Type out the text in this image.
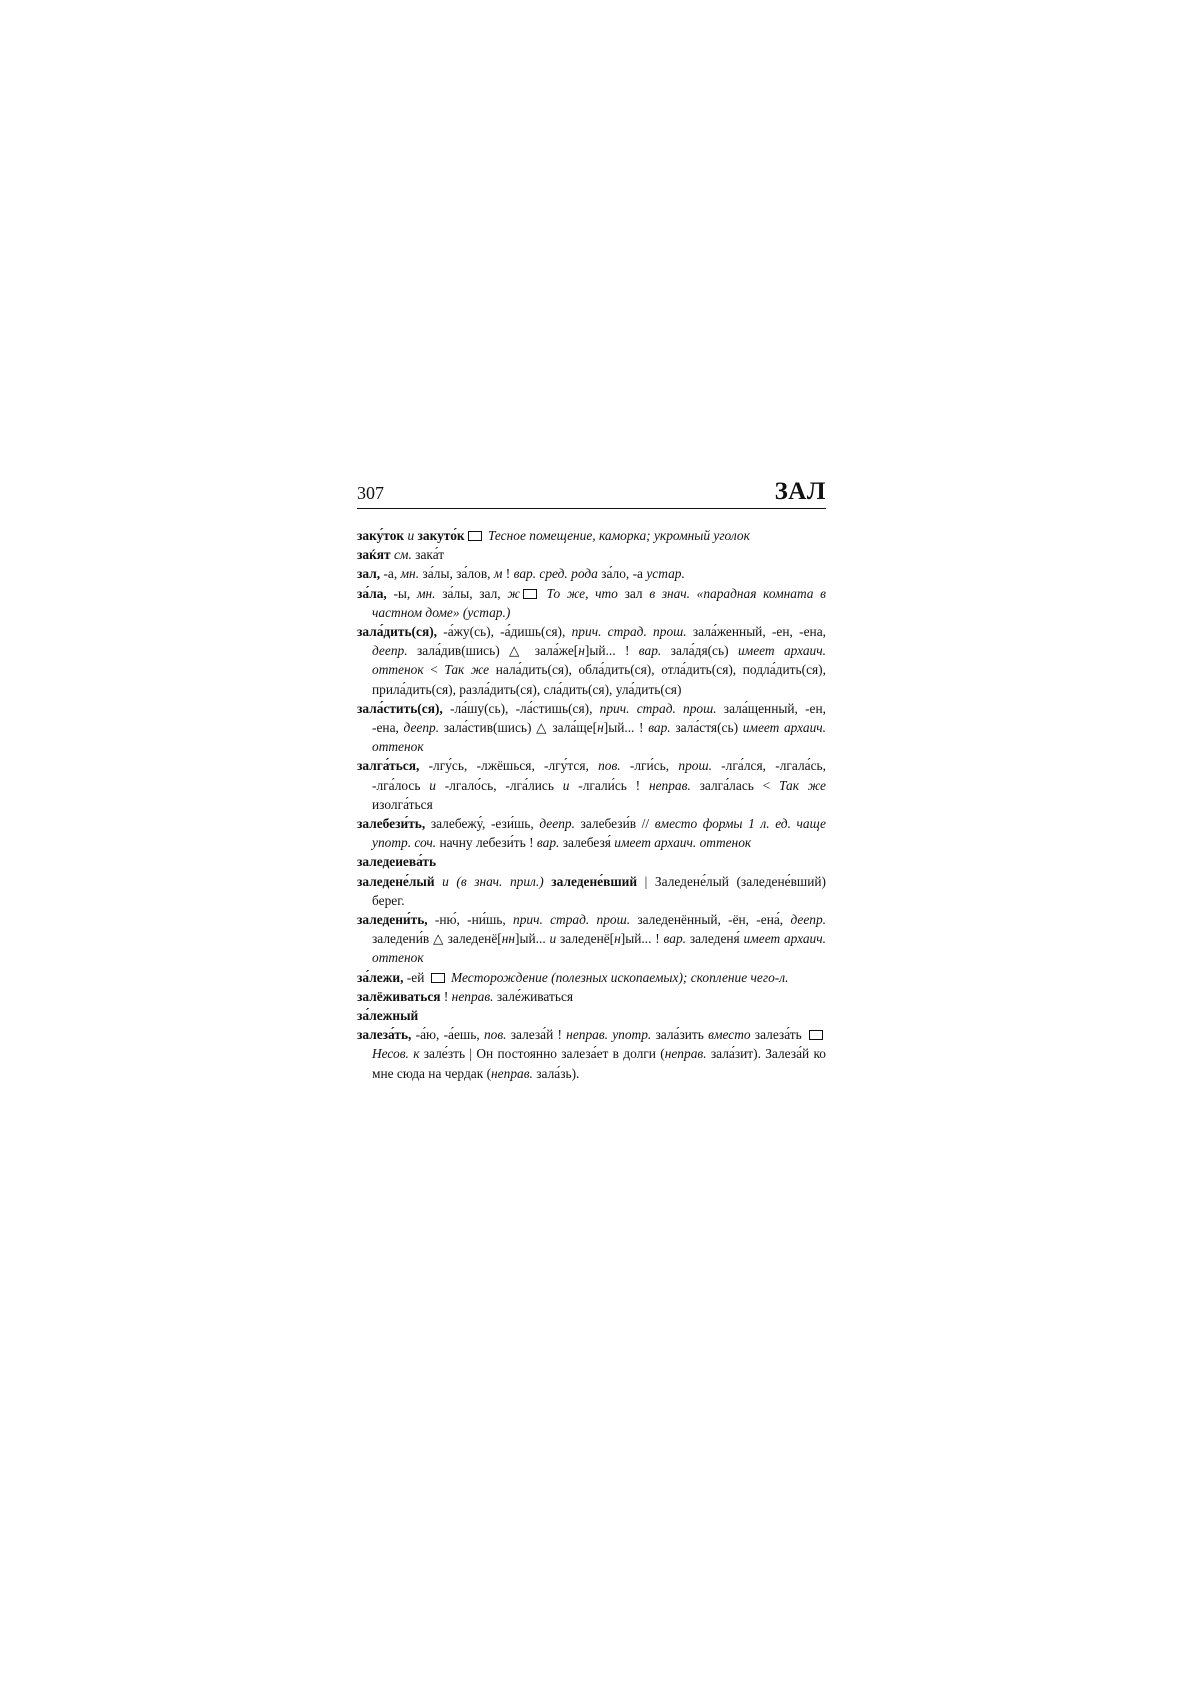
307	ЗАЛ

заку́ток и закуто́к Тесное помещение, каморка; укромный уголок

заќят см. зака́т

зал, -а, мн. за́лы, за́лов, м ! вар. сред. рода за́ло, -а устар.

за́ла, -ы, мн. за́лы, зал, ж То же, что зал в знач. «парадная комната в частном доме» (устар.)

зала́дить(ся), -а́жу(сь), -а́дишь(ся), прич. страд. прош. зала́женный, -ен, -ена, деепр. зала́див(шись) △ зала́же[н]ый... ! вар. зала́дя(сь) имеет архаич. оттенок < Так же нала́дить(ся), обла́дить(ся), отла́дить(ся), подла́дить(ся), прила́дить(ся), разла́дить(ся), сла́дить(ся), ула́дить(ся)

зала́стить(ся), -ла́шу(сь), -ла́стишь(ся), прич. страд. прош. зала́щенный, -ен, -ена, деепр. зала́стив(шись) △ зала́ще[н]ый... ! вар. зала́стя(сь) имеет архаич. оттенок

залга́ться, -лгу́сь, -лжёшься, -лгу́тся, пов. -лги́сь, прош. -лга́лся, -лгала́сь, -лга́лось и -лгало́сь, -лга́лись и -лгали́сь ! неправ. залга́лась < Так же изолга́ться

залебези́ть, залебежу́, -ези́шь, деепр. залебези́в // вместо формы 1 л. ед. чаще употр. соч. начну лебези́ть ! вар. залебезя́ имеет архаич. оттенок

заледеиева́ть

заледене́лый и (в знач. прил.) заледене́вший | Заледене́лый (заледене́вший) берег.

заледени́ть, -ню́, -ни́шь, прич. страд. прош. заледенённый, -ён, -ена́, деепр. заледени́в △ заледенё[нн]ый... и заледенё[н]ый... ! вар. заледеня́ имеет архаич. оттенок

за́лежи, -ей  Месторождение (полезных ископаемых); скопление чего-л.

залёживаться ! неправ. зале́живаться

за́лежный

залеза́ть, -а́ю, -а́ешь, пов. залеза́й ! неправ. употр. зала́зить вместо залеза́ть  Несов. к зале́зть | Он постоянно залеза́ет в долги (неправ. зала́зит). Залеза́й ко мне сюда на чердак (неправ. зала́зь).
